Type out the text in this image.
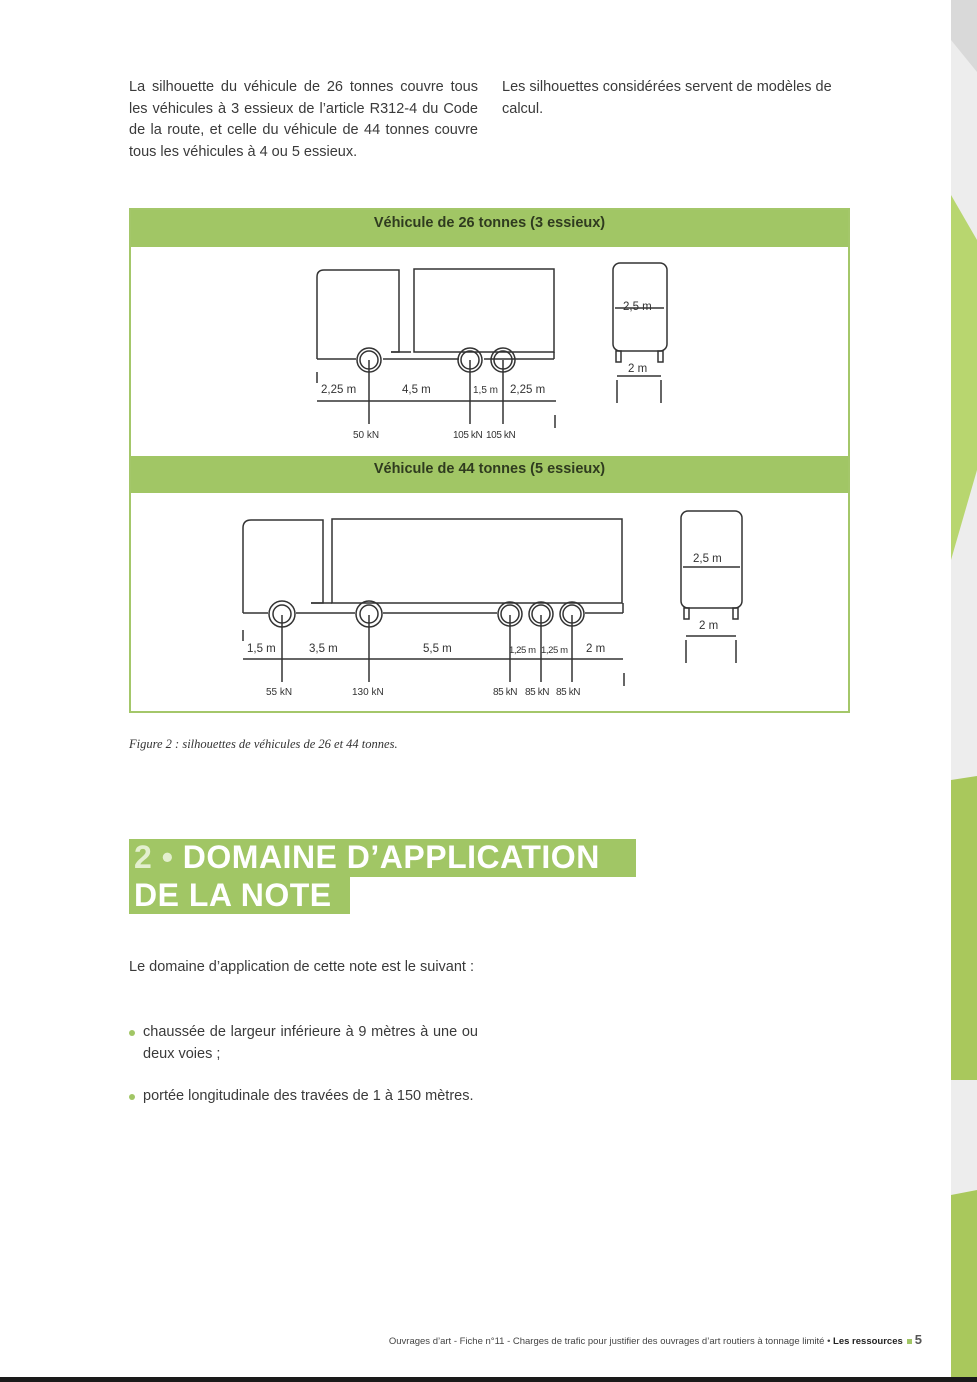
La silhouette du véhicule de 26 tonnes couvre tous les véhicules à 3 essieux de l’article R312-4 du Code de la route, et celle du véhicule de 44 tonnes couvre tous les véhicules à 4 ou 5 essieux.

Les silhouettes considérées servent de modèles de calcul.

Véhicule de 26 tonnes (3 essieux)
Véhicule de 44 tonnes (5 essieux)
2,25 m	4,5 m	1,5 m 2,25 m
50 kN	105 kN 105 kN
2,5 m
2 m
1,5 m	3,5 m	5,5 m	1,25 m 1,25 m 2 m
55 kN	130 kN	85 kN 85 kN 85 kN
2,5 m
2 m
Figure 2 : silhouettes de véhicules de 26 et 44 tonnes.
2 • DOMAINE D’APPLICATION
DE LA NOTE

Le domaine d’application de cette note est le suivant :

chaussée de largeur inférieure à 9 mètres à une ou deux voies ;
portée longitudinale des travées de 1 à 150 mètres.
Ouvrages d’art - Fiche n°11 - Charges de trafic pour justifier des ouvrages d’art routiers à tonnage limité • Les ressources 5
